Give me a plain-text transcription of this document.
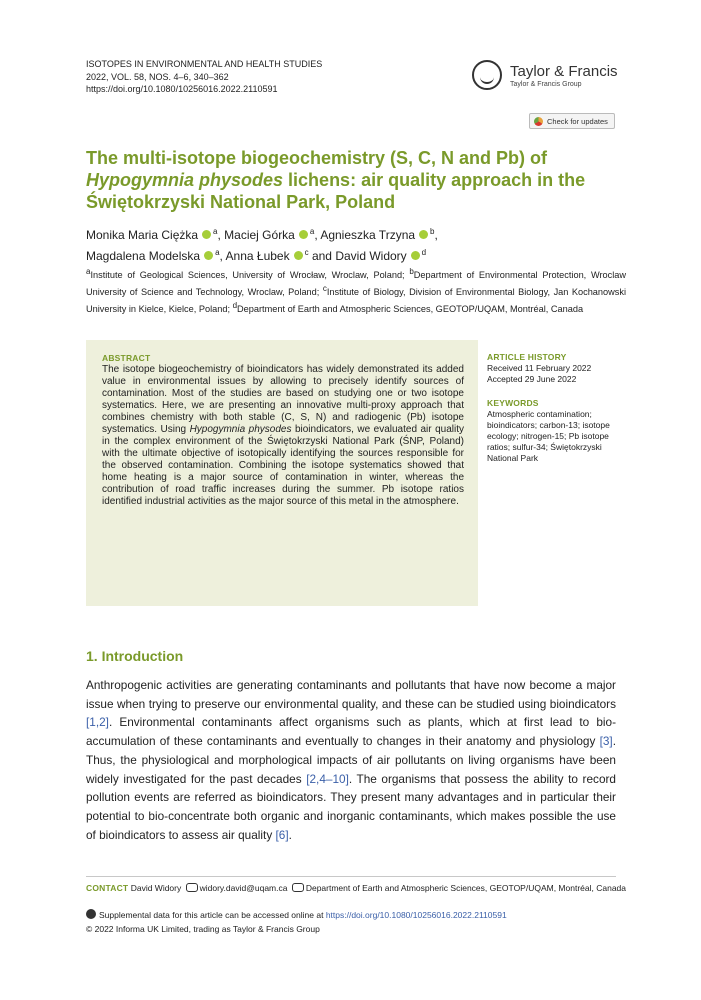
ISOTOPES IN ENVIRONMENTAL AND HEALTH STUDIES
2022, VOL. 58, NOS. 4–6, 340–362
https://doi.org/10.1080/10256016.2022.2110591
Taylor & Francis
Taylor & Francis Group
Check for updates
The multi-isotope biogeochemistry (S, C, N and Pb) of
Hypogymnia physodes lichens: air quality approach in the
Świętokrzyski National Park, Poland
Monika Maria Ciężka $^a$, Maciej Górka $^a$, Agnieszka Trzyna $^b$,
Magdalena Modelska $^a$, Anna Łubek $^c$ and David Widory $^d$
$^a$Institute of Geological Sciences, University of Wrocław, Wroclaw, Poland; $^b$Department of Environmental Protection, Wroclaw University of Science and Technology, Wroclaw, Poland; $^c$Institute of Biology, Division of Environmental Biology, Jan Kochanowski University in Kielce, Kielce, Poland; $^d$Department of Earth and Atmospheric Sciences, GEOTOP/UQAM, Montréal, Canada
ABSTRACT
The isotope biogeochemistry of bioindicators has widely demonstrated its added value in environmental issues by allowing to precisely identify sources of contamination. Most of the studies are based on studying one or two isotope systematics. Here, we are presenting an innovative multi-proxy approach that combines chemistry with both stable (C, S, N) and radiogenic (Pb) isotope systematics. Using Hypogymnia physodes bioindicators, we evaluated air quality in the complex environment of the Świętokrzyski National Park (ŚNP, Poland) with the ultimate objective of isotopically identifying the sources responsible for the observed contamination. Combining the isotope systematics showed that home heating is a major source of contamination in winter, whereas the contribution of road traffic increases during the summer. Pb isotope ratios identified industrial activities as the major source of this metal in the atmosphere.
ARTICLE HISTORY
Received 11 February 2022
Accepted 29 June 2022
KEYWORDS
Atmospheric contamination; bioindicators; carbon-13; isotope ecology; nitrogen-15; Pb isotope ratios; sulfur-34; Świętokrzyski National Park
1. Introduction
Anthropogenic activities are generating contaminants and pollutants that have now become a major issue when trying to preserve our environmental quality, and these can be studied using bioindicators [1,2]. Environmental contaminants affect organisms such as plants, which at first lead to bio-accumulation of these contaminants and eventually to changes in their anatomy and physiology [3]. Thus, the physiological and morphological impacts of air pollutants on living organisms have been widely investigated for the past decades [2,4–10]. The organisms that possess the ability to record pollution events are referred as bioindicators. They present many advantages and in particular their potential to bio-concentrate both organic and inorganic contaminants, which makes possible the use of bioindicators to assess air quality [6].
CONTACT David Widory widory.david@uqam.ca Department of Earth and Atmospheric Sciences, GEOTOP/UQAM, Montréal, Canada
Supplemental data for this article can be accessed online at https://doi.org/10.1080/10256016.2022.2110591
© 2022 Informa UK Limited, trading as Taylor & Francis Group
